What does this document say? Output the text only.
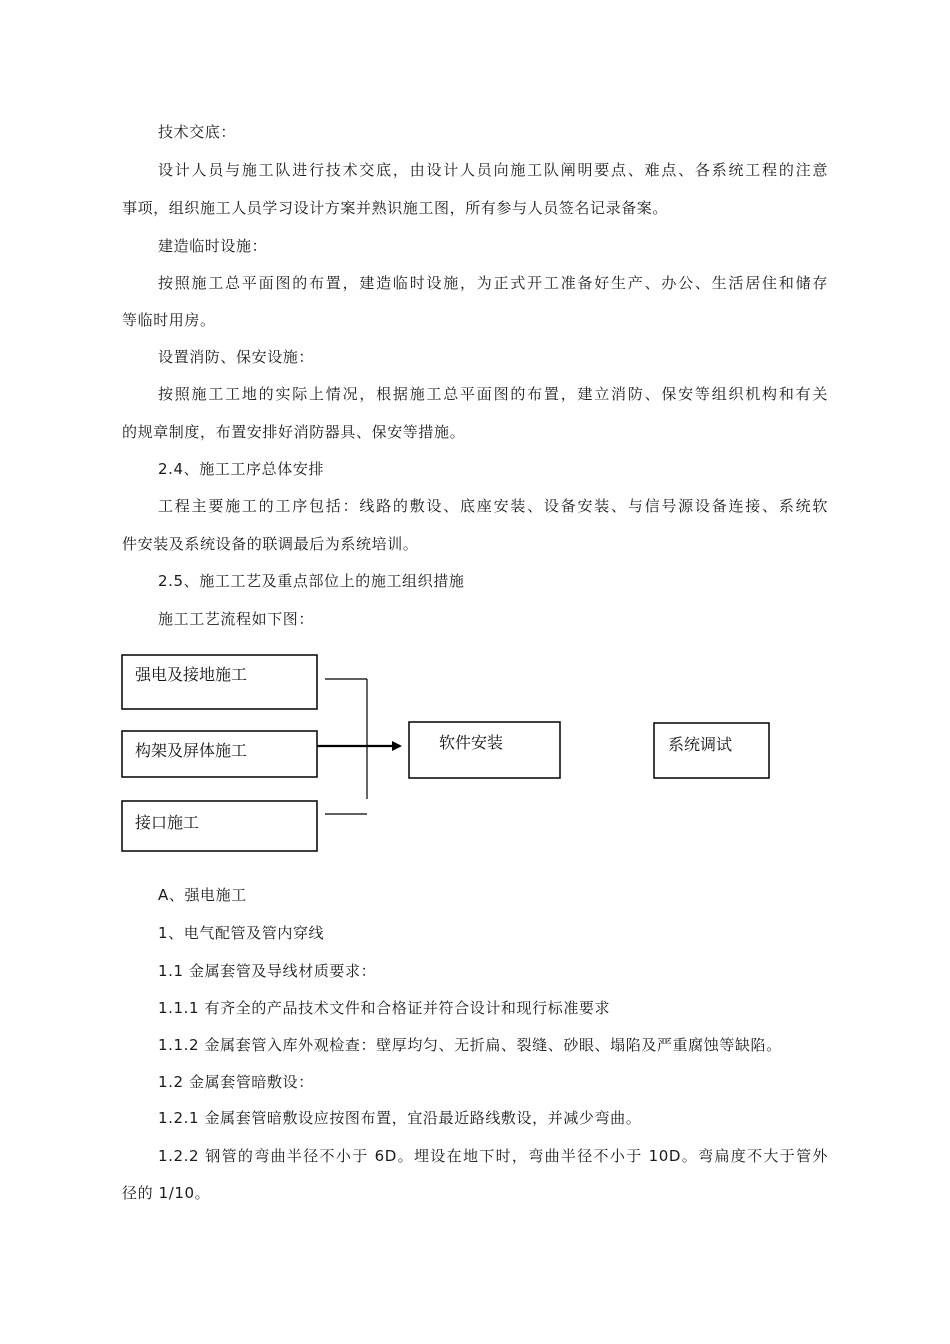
技术交底：
设计人员与施工队进行技术交底，由设计人员向施工队阐明要点、难点、各系统工程的注意
事项，组织施工人员学习设计方案并熟识施工图，所有参与人员签名记录备案。
建造临时设施：
按照施工总平面图的布置，建造临时设施，为正式开工准备好生产、办公、生活居住和储存
等临时用房。
设置消防、保安设施：
按照施工工地的实际上情况，根据施工总平面图的布置，建立消防、保安等组织机构和有关
的规章制度，布置安排好消防器具、保安等措施。
2.4、施工工序总体安排
工程主要施工的工序包括：线路的敷设、底座安装、设备安装、与信号源设备连接、系统软
件安装及系统设备的联调最后为系统培训。
2.5、施工工艺及重点部位上的施工组织措施
施工工艺流程如下图：
强电及接地施工
构架及屏体施工
接口施工
软件安装	系统调试
A、强电施工
1、电气配管及管内穿线
1.1 金属套管及导线材质要求：
1.1.1 有齐全的产品技术文件和合格证并符合设计和现行标准要求
1.1.2 金属套管入库外观检查：壁厚均匀、无折扁、裂缝、砂眼、塌陷及严重腐蚀等缺陷。
1.2 金属套管暗敷设：
1.2.1 金属套管暗敷设应按图布置，宜沿最近路线敷设，并减少弯曲。
1.2.2 钢管的弯曲半径不小于 6D。埋设在地下时，弯曲半径不小于 10D。弯扁度不大于管外
径的 1/10。
